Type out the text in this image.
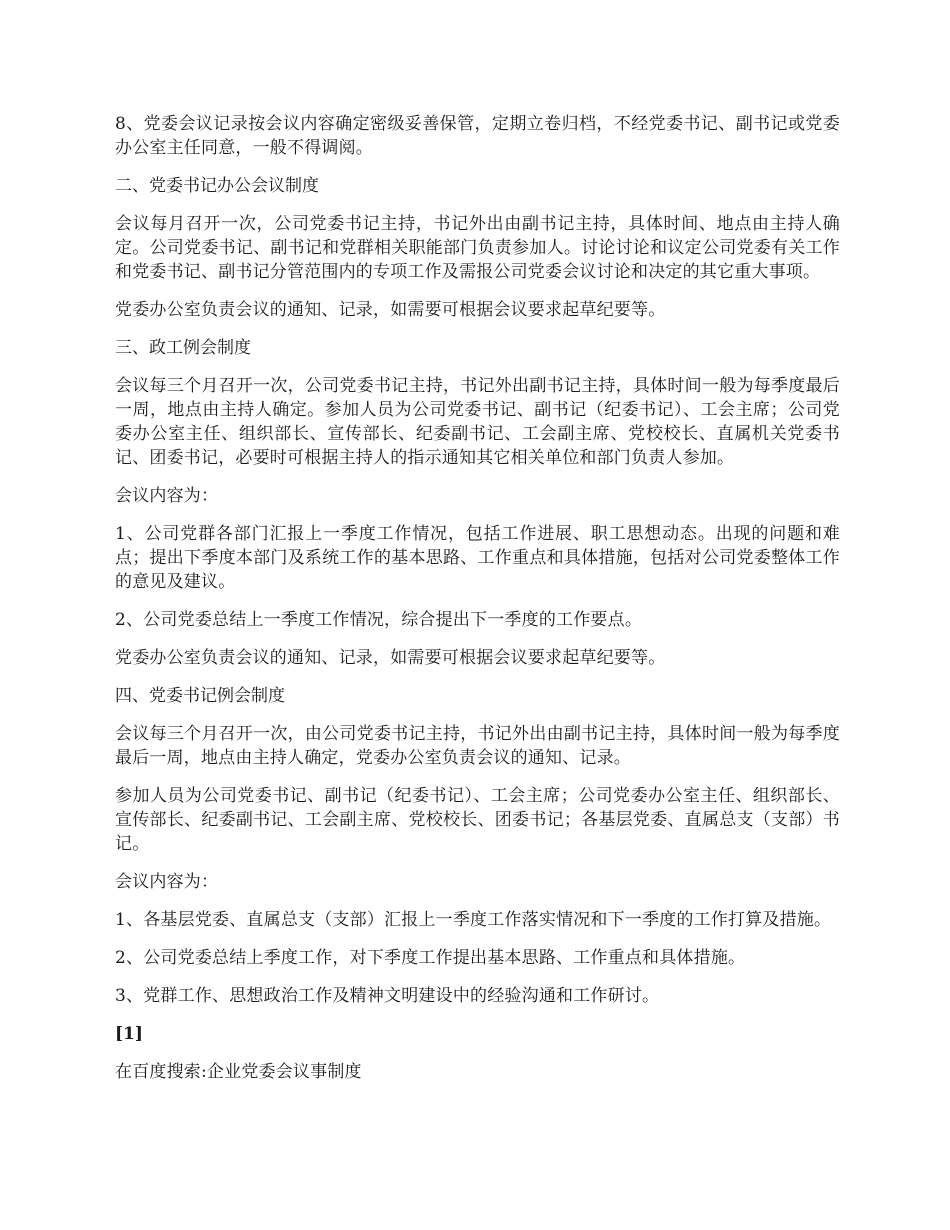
8、党委会议记录按会议内容确定密级妥善保管，定期立卷归档，不经党委书记、副书记或党委办公室主任同意，一般不得调阅。

二、党委书记办公会议制度

会议每月召开一次，公司党委书记主持，书记外出由副书记主持，具体时间、地点由主持人确定。公司党委书记、副书记和党群相关职能部门负责参加人。讨论讨论和议定公司党委有关工作和党委书记、副书记分管范围内的专项工作及需报公司党委会议讨论和决定的其它重大事项。

党委办公室负责会议的通知、记录，如需要可根据会议要求起草纪要等。

三、政工例会制度

会议每三个月召开一次，公司党委书记主持，书记外出副书记主持，具体时间一般为每季度最后一周，地点由主持人确定。参加人员为公司党委书记、副书记（纪委书记）、工会主席；公司党委办公室主任、组织部长、宣传部长、纪委副书记、工会副主席、党校校长、直属机关党委书记、团委书记，必要时可根据主持人的指示通知其它相关单位和部门负责人参加。

会议内容为：

1、公司党群各部门汇报上一季度工作情况，包括工作进展、职工思想动态。出现的问题和难点；提出下季度本部门及系统工作的基本思路、工作重点和具体措施，包括对公司党委整体工作的意见及建议。

2、公司党委总结上一季度工作情况，综合提出下一季度的工作要点。

党委办公室负责会议的通知、记录，如需要可根据会议要求起草纪要等。

四、党委书记例会制度

会议每三个月召开一次，由公司党委书记主持，书记外出由副书记主持，具体时间一般为每季度最后一周，地点由主持人确定，党委办公室负责会议的通知、记录。

参加人员为公司党委书记、副书记（纪委书记）、工会主席；公司党委办公室主任、组织部长、宣传部长、纪委副书记、工会副主席、党校校长、团委书记；各基层党委、直属总支（支部）书记。

会议内容为：

1、各基层党委、直属总支（支部）汇报上一季度工作落实情况和下一季度的工作打算及措施。

2、公司党委总结上季度工作，对下季度工作提出基本思路、工作重点和具体措施。

3、党群工作、思想政治工作及精神文明建设中的经验沟通和工作研讨。

[1]

在百度搜索:企业党委会议事制度
